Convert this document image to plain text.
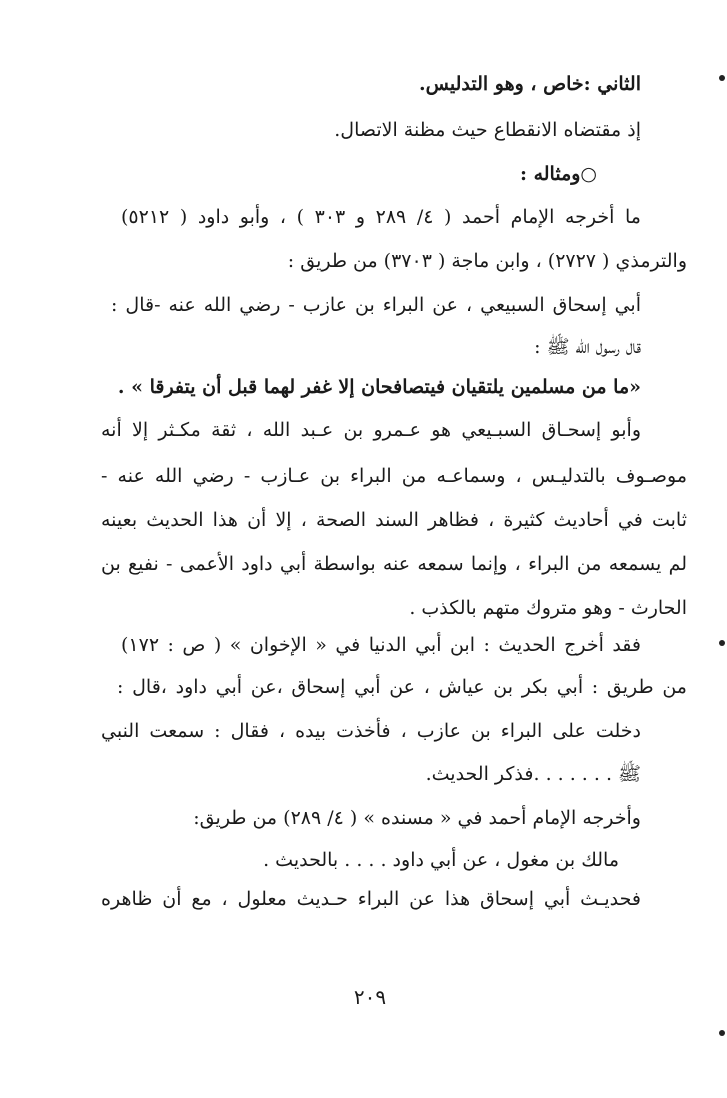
الثاني :خاص ، وهو التدليس.
إذ مقتضاه الانقطاع حيث مظنة الاتصال.
○ومثاله :
ما أخرجه الإمام أحمد ( ٤/ ٢٨٩ و ٣٠٣ ) ، وأبو داود ( ٥٢١٢)
والترمذي ( ٢٧٢٧) ، وابن ماجة ( ٣٧٠٣) من طريق :
أبي إسحاق السبيعي ، عن البراء بن عازب - رضي الله عنه -قال :
قال رسول الله ﷺ :
«ما من مسلمين يلتقيان فيتصافحان إلا غفر لهما قبل أن يتفرقا » .
وأبو إسحـاق السبـيعي هو عـمرو بن عـبد الله ، ثقة مكـثر إلا أنه
موصـوف بالتدليـس ، وسماعـه من البراء بن عـازب - رضي الله عنه -
ثابت في أحاديث كثيرة ، فظاهر السند الصحة ، إلا أن هذا الحديث بعينه
لم يسمعه من البراء ، وإنما سمعه عنه بواسطة أبي داود الأعمى - نفيع بن
الحارث - وهو متروك متهم بالكذب .
فقد أخرج الحديث : ابن أبي الدنيا في « الإخوان » ( ص : ١٧٢)
من طريق : أبي بكر بن عياش ، عن أبي إسحاق ،عن أبي داود ،قال :
دخلت على البراء بن عازب ، فأخذت بيده ، فقال : سمعت النبي
ﷺ . . . . . . .فذكر الحديث.
وأخرجه الإمام أحمد في « مسنده » ( ٤/ ٢٨٩) من طريق:
مالك بن مغول ، عن أبي داود . . . . بالحديث .
فحديـث أبي إسحاق هذا عن البراء حـديث معلول ، مع أن ظاهره
٢٠٩
